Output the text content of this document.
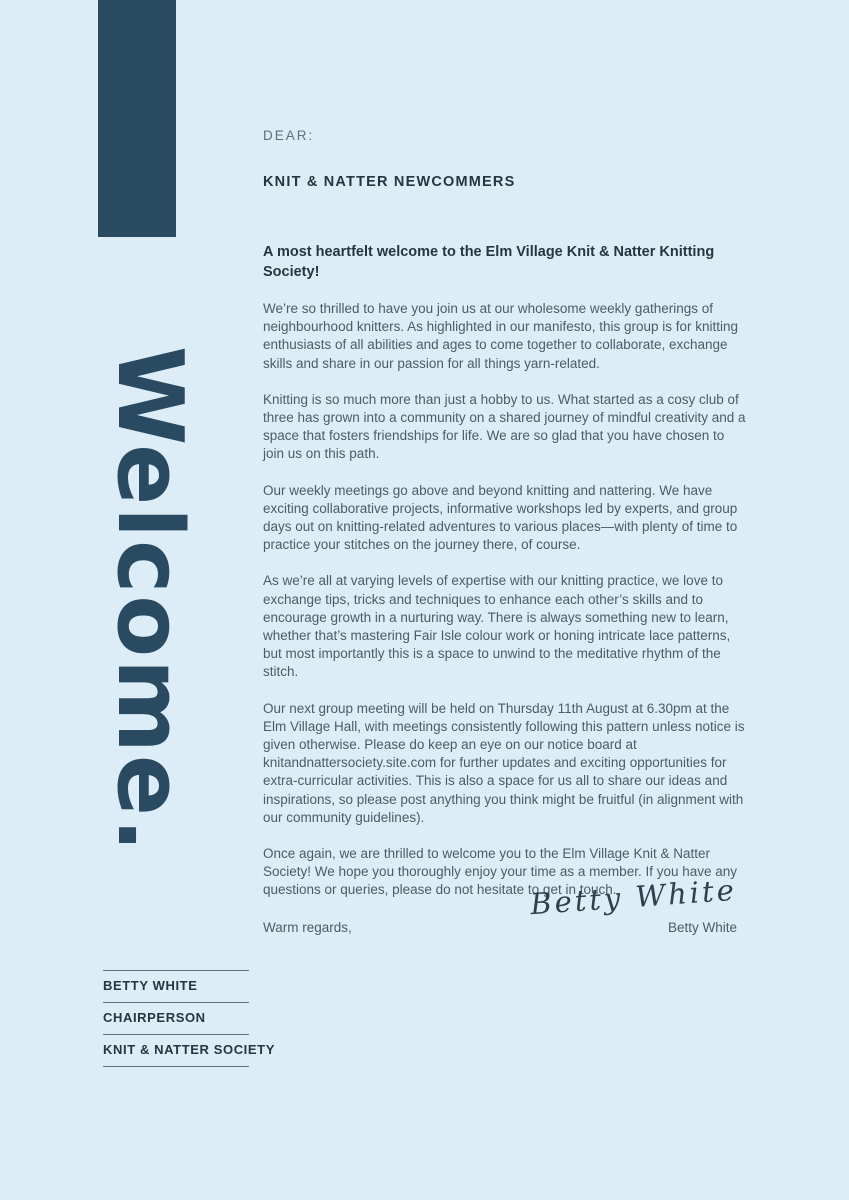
Welcome.
DEAR:
KNIT & NATTER NEWCOMMERS
A most heartfelt welcome to the Elm Village Knit & Natter Knitting Society!

We’re so thrilled to have you join us at our wholesome weekly gatherings of neighbourhood knitters. As highlighted in our manifesto, this group is for knitting enthusiasts of all abilities and ages to come together to collaborate, exchange skills and share in our passion for all things yarn-related.

Knitting is so much more than just a hobby to us. What started as a cosy club of three has grown into a community on a shared journey of mindful creativity and a space that fosters friendships for life. We are so glad that you have chosen to join us on this path.

Our weekly meetings go above and beyond knitting and nattering. We have exciting collaborative projects, informative workshops led by experts, and group days out on knitting-related adventures to various places—with plenty of time to practice your stitches on the journey there, of course.

As we’re all at varying levels of expertise with our knitting practice, we love to exchange tips, tricks and techniques to enhance each other’s skills and to encourage growth in a nurturing way. There is always something new to learn, whether that’s mastering Fair Isle colour work or honing intricate lace patterns, but most importantly this is a space to unwind to the meditative rhythm of the stitch.

Our next group meeting will be held on Thursday 11th August at 6.30pm at the Elm Village Hall, with meetings consistently following this pattern unless notice is given otherwise. Please do keep an eye on our notice board at knitandnattersociety.site.com for further updates and exciting opportunities for extra-curricular activities. This is also a space for us all to share our ideas and inspirations, so please post anything you think might be fruitful (in alignment with our community guidelines).

Once again, we are thrilled to welcome you to the Elm Village Knit & Natter Society! We hope you thoroughly enjoy your time as a member. If you have any questions or queries, please do not hesitate to get in touch.

Warm regards,
Betty White
Betty White
BETTY WHITE
CHAIRPERSON
KNIT & NATTER SOCIETY
